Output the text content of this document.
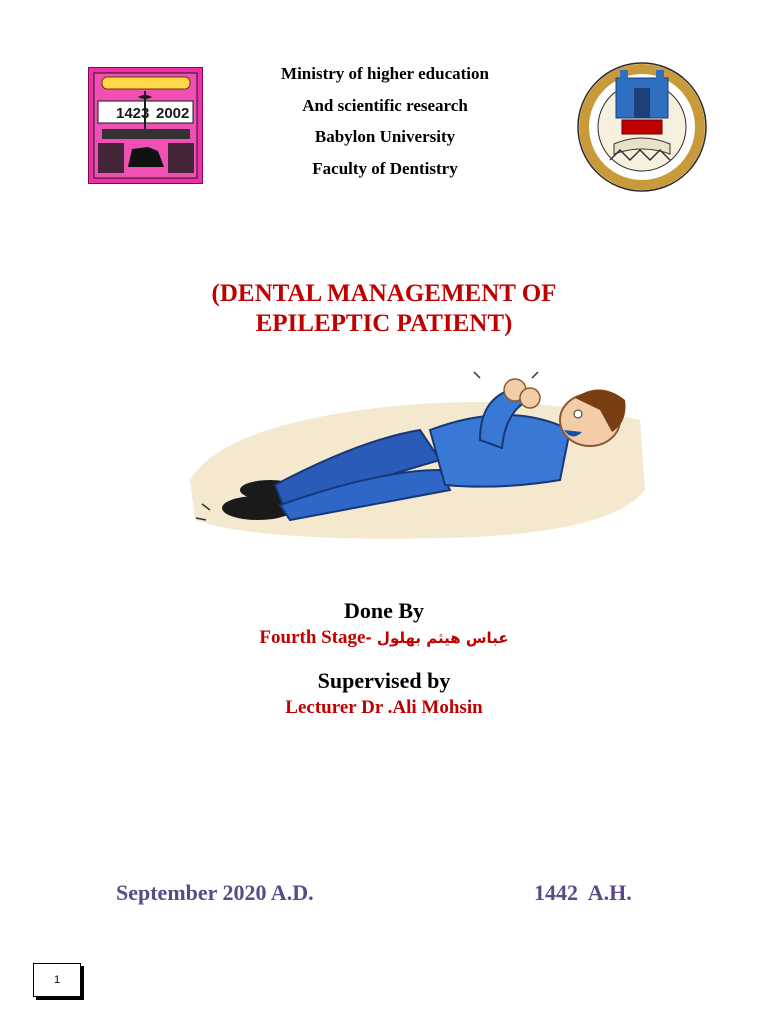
Ministry of higher education
And scientific research
Babylon University
Faculty of Dentistry
1423 2002
(DENTAL MANAGEMENT OF
EPILEPTIC PATIENT)
Done By
Fourth Stageعباس هيثم بهلول -
Supervised by
Lecturer Dr .Ali Mohsin
September 2020 A.D.	1442  A.H.
1
